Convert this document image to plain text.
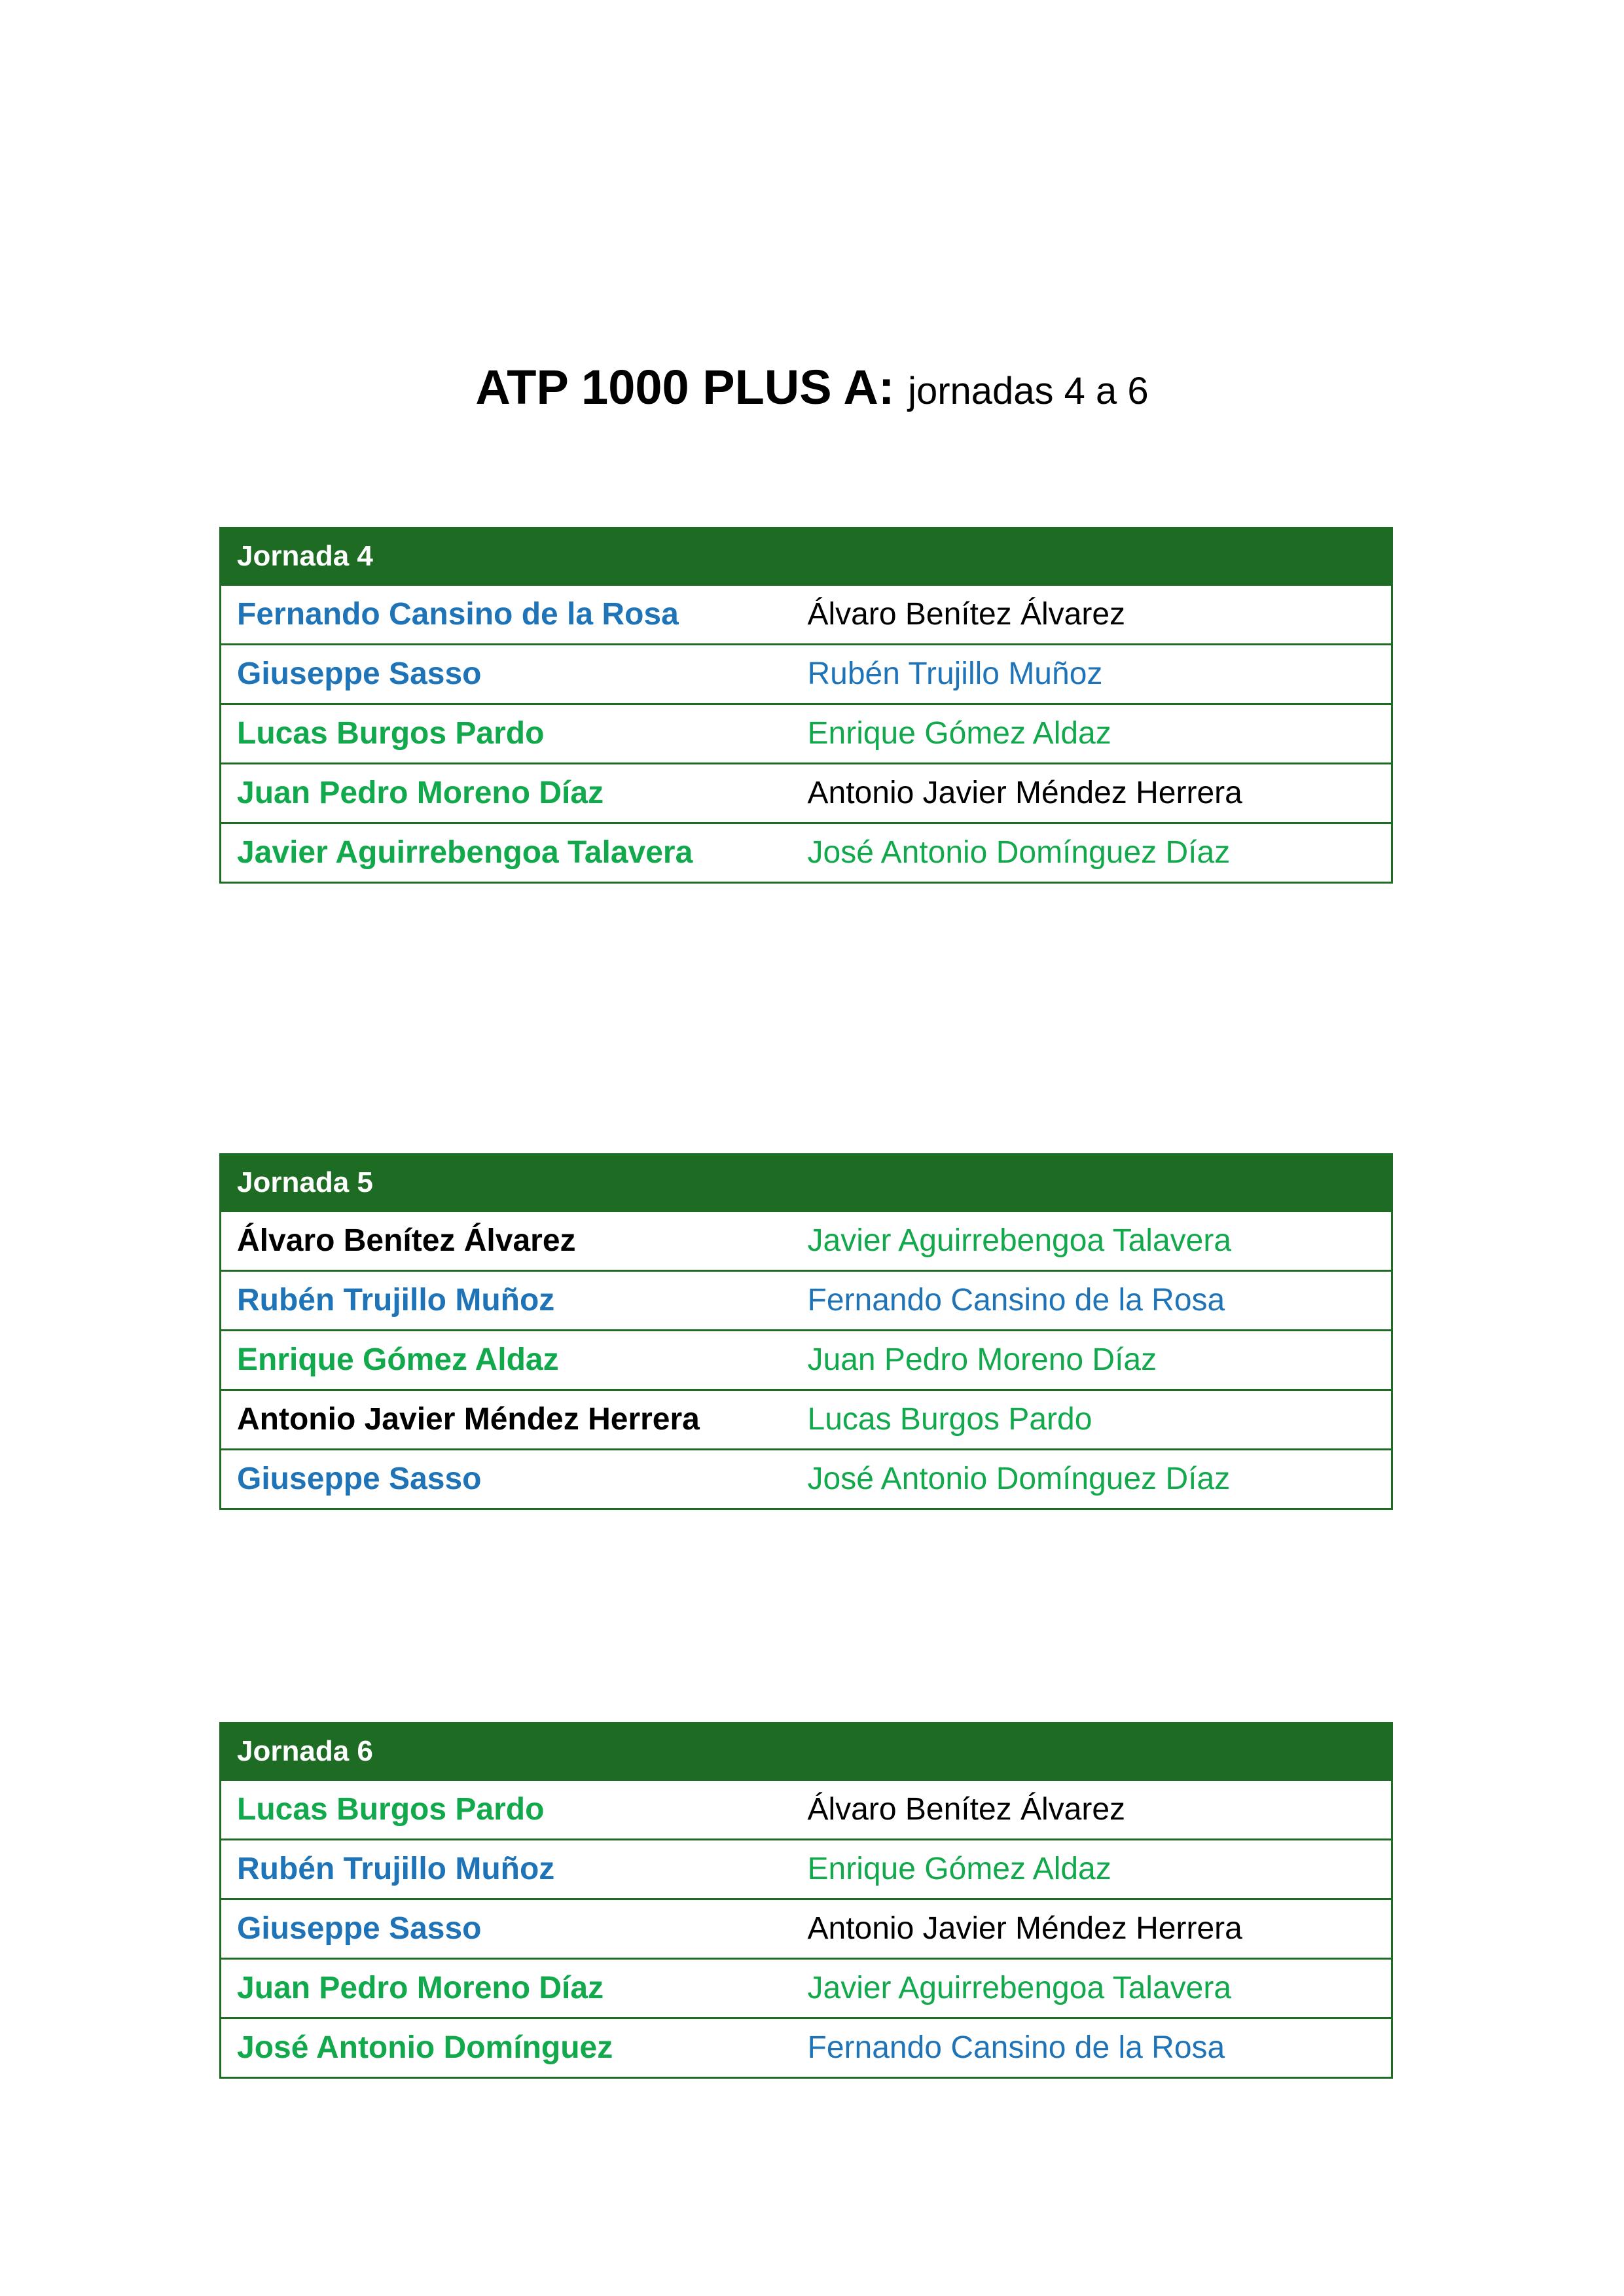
ATP 1000 PLUS A: jornadas 4 a 6
Jornada 4	
Fernando Cansino de la Rosa	Álvaro Benítez Álvarez
Giuseppe Sasso	Rubén Trujillo Muñoz
Lucas Burgos Pardo	Enrique Gómez Aldaz
Juan Pedro Moreno Díaz	Antonio Javier Méndez Herrera
Javier Aguirrebengoa Talavera	José Antonio Domínguez Díaz
Jornada 5	
Álvaro Benítez Álvarez	Javier Aguirrebengoa Talavera
Rubén Trujillo Muñoz	Fernando Cansino de la Rosa
Enrique Gómez Aldaz	Juan Pedro Moreno Díaz
Antonio Javier Méndez Herrera	Lucas Burgos Pardo
Giuseppe Sasso	José Antonio Domínguez Díaz
Jornada 6	
Lucas Burgos Pardo	Álvaro Benítez Álvarez
Rubén Trujillo Muñoz	Enrique Gómez Aldaz
Giuseppe Sasso	Antonio Javier Méndez Herrera
Juan Pedro Moreno Díaz	Javier Aguirrebengoa Talavera
José Antonio Domínguez	Fernando Cansino de la Rosa
